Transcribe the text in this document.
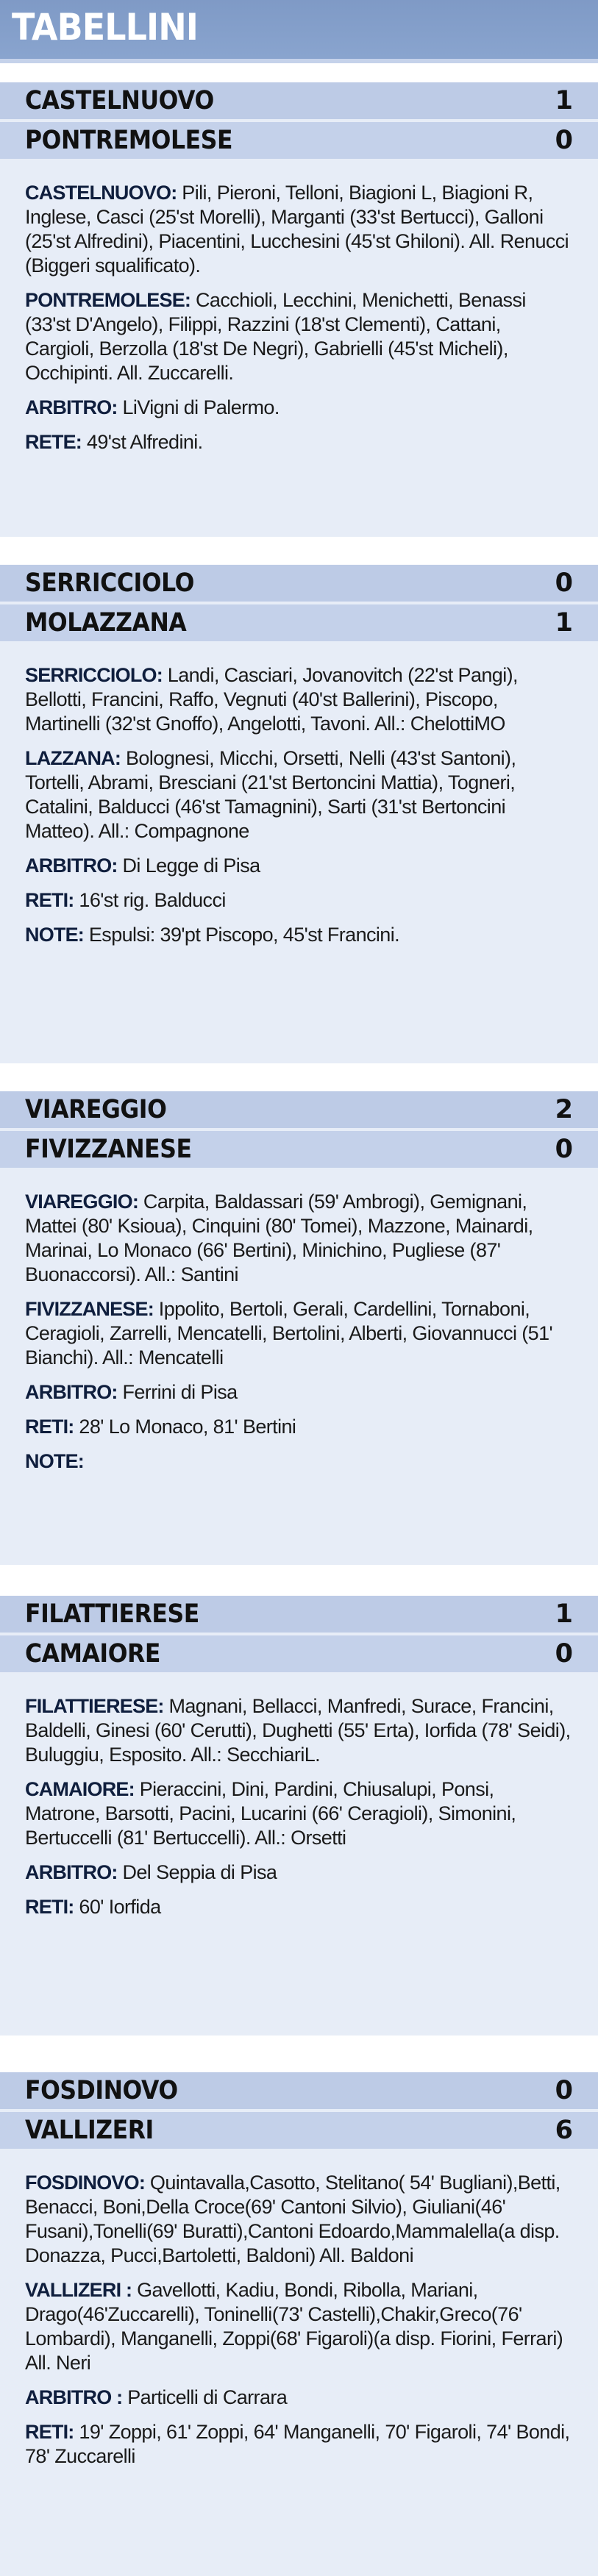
TABELLINI
CASTELNUOVO	1
PONTREMOLESE	0

CASTELNUOVO: Pili, Pieroni, Telloni, Biagioni L, Biagioni R, Inglese, Casci (25'st Morelli), Marganti (33'st Bertucci), Galloni (25'st Alfredini), Piacentini, Lucchesini (45'st Ghiloni). All. Renucci (Biggeri squalificato).

PONTREMOLESE: Cacchioli, Lecchini, Menichetti, Benassi (33'st D'Angelo), Filippi, Razzini (18'st Clementi), Cattani, Cargioli, Berzolla (18'st De Negri), Gabrielli (45'st Micheli), Occhipinti. All. Zuccarelli.

ARBITRO: LiVigni di Palermo.

RETE: 49'st Alfredini.

SERRICCIOLO	0
MOLAZZANA	1

SERRICCIOLO: Landi, Casciari, Jovanovitch (22'st Pangi), Bellotti, Francini, Raffo, Vegnuti (40'st Ballerini), Piscopo, Martinelli (32'st Gnoffo), Angelotti, Tavoni. All.: ChelottiMO

LAZZANA: Bolognesi, Micchi, Orsetti, Nelli (43'st Santoni), Tortelli, Abrami, Bresciani (21'st Bertoncini Mattia), Togneri, Catalini, Balducci (46'st Tamagnini), Sarti (31'st Bertoncini Matteo). All.: Compagnone

ARBITRO: Di Legge di Pisa

RETI: 16'st rig. Balducci

NOTE: Espulsi: 39'pt Piscopo, 45'st Francini.

VIAREGGIO	2
FIVIZZANESE	0

VIAREGGIO: Carpita, Baldassari (59' Ambrogi), Gemignani, Mattei (80' Ksioua), Cinquini (80' Tomei), Mazzone, Mainardi, Marinai, Lo Monaco (66' Bertini), Minichino, Pugliese (87' Buonaccorsi). All.: Santini

FIVIZZANESE: Ippolito, Bertoli, Gerali, Cardellini, Tornaboni, Ceragioli, Zarrelli, Mencatelli, Bertolini, Alberti, Giovannucci (51' Bianchi). All.: Mencatelli

ARBITRO: Ferrini di Pisa

RETI: 28' Lo Monaco, 81' Bertini

NOTE:

FILATTIERESE	1
CAMAIORE	0

FILATTIERESE: Magnani, Bellacci, Manfredi, Surace, Francini, Baldelli, Ginesi (60' Cerutti), Dughetti (55' Erta), Iorfida (78' Seidi), Buluggiu, Esposito. All.: SecchiariL.

CAMAIORE: Pieraccini, Dini, Pardini, Chiusalupi, Ponsi, Matrone, Barsotti, Pacini, Lucarini (66' Ceragioli), Simonini, Bertuccelli (81' Bertuccelli). All.: Orsetti

ARBITRO: Del Seppia di Pisa

RETI: 60' Iorfida

FOSDINOVO	0
VALLIZERI	6

FOSDINOVO: Quintavalla,Casotto, Stelitano( 54' Bugliani),Betti, Benacci, Boni,Della Croce(69' Cantoni Silvio), Giuliani(46' Fusani),Tonelli(69' Buratti),Cantoni Edoardo,Mammalella(a disp. Donazza, Pucci,Bartoletti, Baldoni) All. Baldoni

VALLIZERI : Gavellotti, Kadiu, Bondi, Ribolla, Mariani, Drago(46'Zuccarelli), Toninelli(73' Castelli),Chakir,Greco(76' Lombardi), Manganelli, Zoppi(68' Figaroli)(a disp. Fiorini, Ferrari) All. Neri

ARBITRO : Particelli di Carrara

RETI: 19' Zoppi, 61' Zoppi, 64' Manganelli, 70' Figaroli, 74' Bondi, 78' Zuccarelli
